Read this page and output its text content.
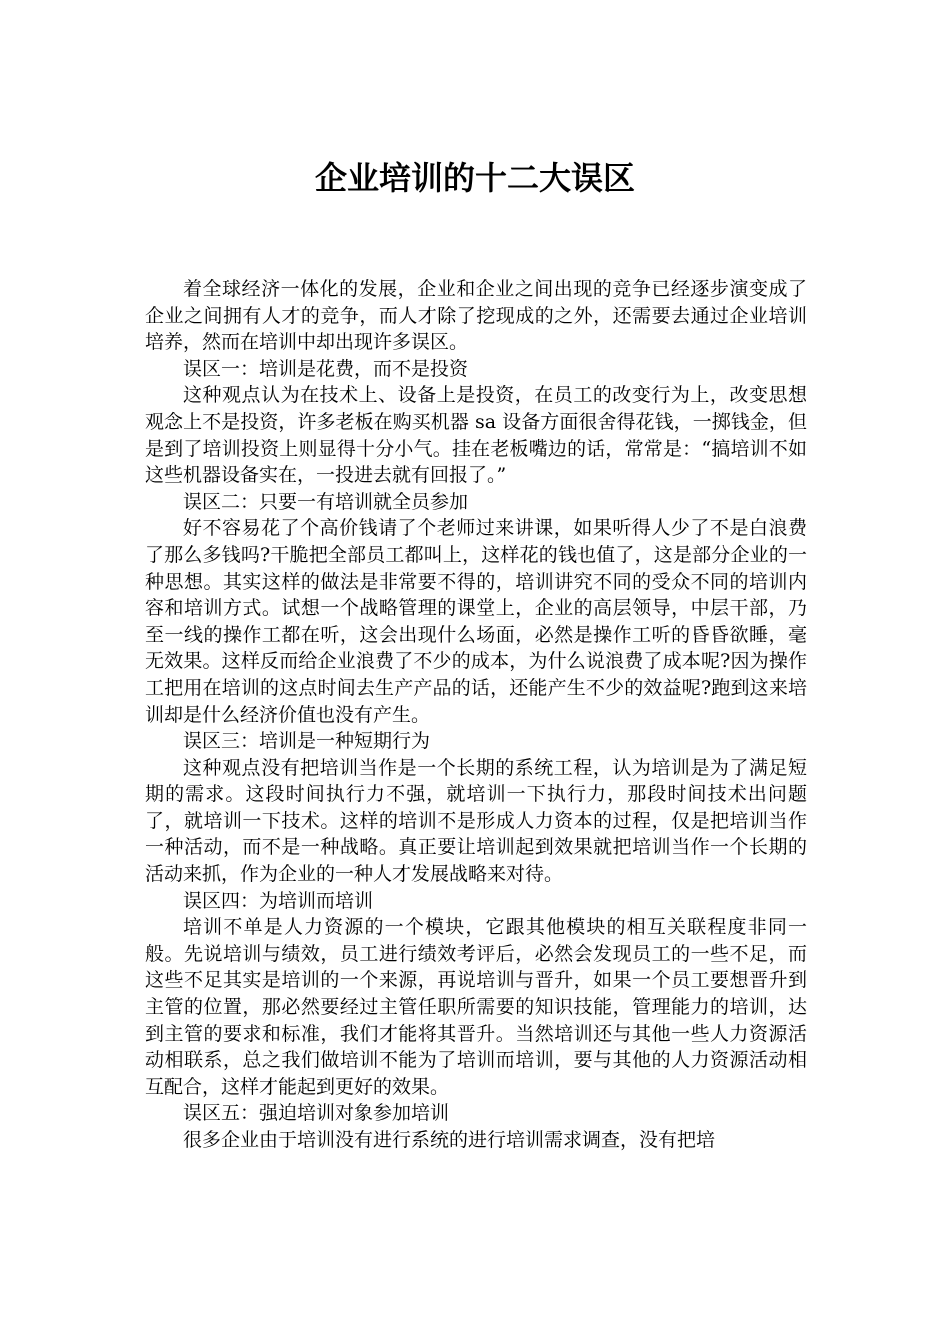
企业培训的十二大误区

着全球经济一体化的发展，企业和企业之间出现的竞争已经逐步演变成了企业之间拥有人才的竞争，而人才除了挖现成的之外，还需要去通过企业培训培养，然而在培训中却出现许多误区。

误区一：培训是花费，而不是投资

这种观点认为在技术上、设备上是投资，在员工的改变行为上，改变思想观念上不是投资，许多老板在购买机器 sa 设备方面很舍得花钱，一掷钱金，但是到了培训投资上则显得十分小气。挂在老板嘴边的话，常常是：“搞培训不如这些机器设备实在，一投进去就有回报了。”

误区二：只要一有培训就全员参加

好不容易花了个高价钱请了个老师过来讲课，如果听得人少了不是白浪费了那么多钱吗?干脆把全部员工都叫上，这样花的钱也值了，这是部分企业的一种思想。其实这样的做法是非常要不得的，培训讲究不同的受众不同的培训内容和培训方式。试想一个战略管理的课堂上，企业的高层领导，中层干部，乃至一线的操作工都在听，这会出现什么场面，必然是操作工听的昏昏欲睡，毫无效果。这样反而给企业浪费了不少的成本，为什么说浪费了成本呢?因为操作工把用在培训的这点时间去生产产品的话，还能产生不少的效益呢?跑到这来培训却是什么经济价值也没有产生。

误区三：培训是一种短期行为

这种观点没有把培训当作是一个长期的系统工程，认为培训是为了满足短期的需求。这段时间执行力不强，就培训一下执行力，那段时间技术出问题了，就培训一下技术。这样的培训不是形成人力资本的过程，仅是把培训当作一种活动，而不是一种战略。真正要让培训起到效果就把培训当作一个长期的活动来抓，作为企业的一种人才发展战略来对待。

误区四：为培训而培训

培训不单是人力资源的一个模块，它跟其他模块的相互关联程度非同一般。先说培训与绩效，员工进行绩效考评后，必然会发现员工的一些不足，而这些不足其实是培训的一个来源，再说培训与晋升，如果一个员工要想晋升到主管的位置，那必然要经过主管任职所需要的知识技能，管理能力的培训，达到主管的要求和标准，我们才能将其晋升。当然培训还与其他一些人力资源活动相联系，总之我们做培训不能为了培训而培训，要与其他的人力资源活动相互配合，这样才能起到更好的效果。

误区五：强迫培训对象参加培训

很多企业由于培训没有进行系统的进行培训需求调查，没有把培
